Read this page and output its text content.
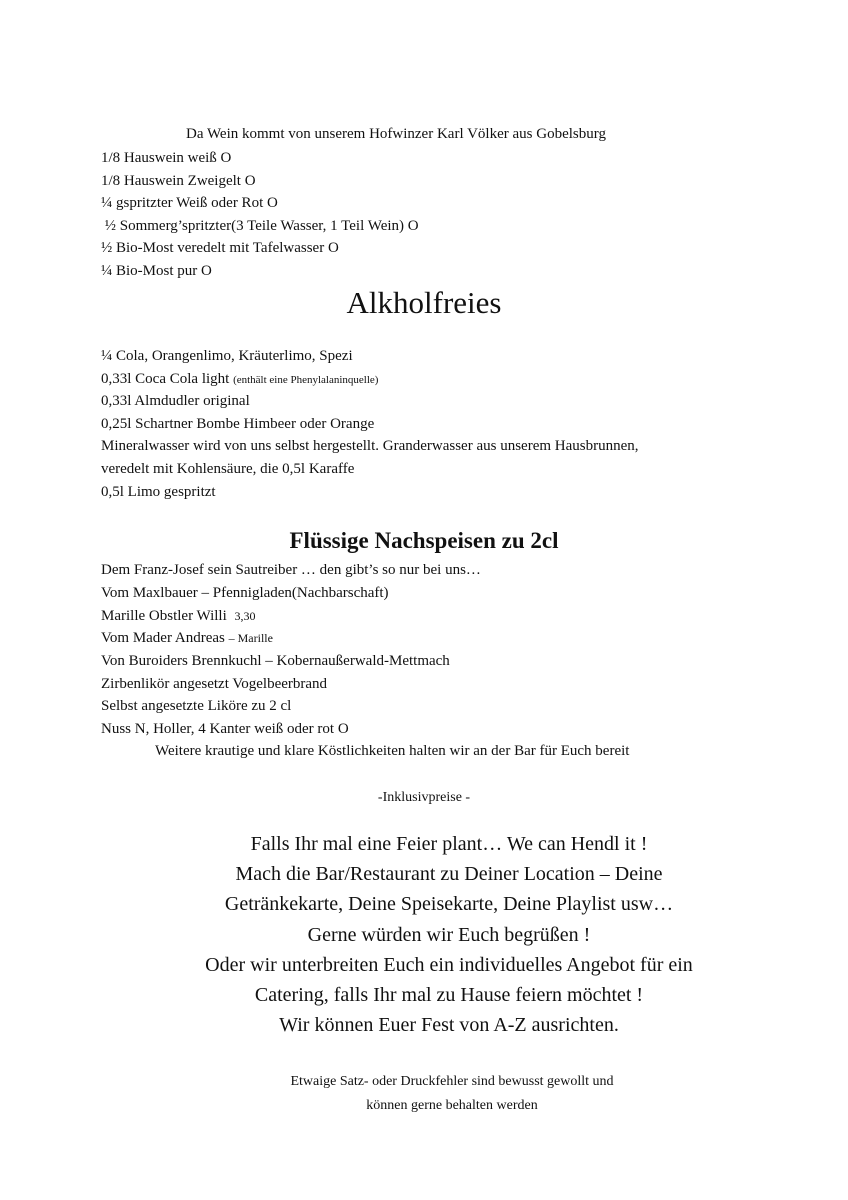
Da Wein kommt von unserem Hofwinzer Karl Völker aus Gobelsburg
1/8 Hauswein weiß O
1/8 Hauswein Zweigelt O
¼ gspritzter Weiß oder Rot O
½ Sommerg’spritzter(3 Teile Wasser, 1 Teil Wein) O
½ Bio-Most veredelt mit Tafelwasser O
¼ Bio-Most pur O
Alkholfreies
¼ Cola, Orangenlimo, Kräuterlimo, Spezi
0,33l Coca Cola light (enthält eine Phenylalaninquelle)
0,33l Almdudler original
0,25l Schartner Bombe Himbeer oder Orange
Mineralwasser wird von uns selbst hergestellt. Granderwasser aus unserem Hausbrunnen,
veredelt mit Kohlensäure, die 0,5l Karaffe
0,5l Limo gespritzt
Flüssige Nachspeisen zu 2cl
Dem Franz-Josef sein Sautreiber … den gibt’s so nur bei uns…
Vom Maxlbauer – Pfennigladen(Nachbarschaft)
Marille Obstler Willi 3,30
Vom Mader Andreas – Marille
Von Buroiders Brennkuchl – Kobernaußerwald-Mettmach
Zirbenlikör angesetzt Vogelbeerbrand
Selbst angesetzte Liköre zu 2 cl
Nuss N, Holler, 4 Kanter weiß oder rot O
Weitere krautige und klare Köstlichkeiten halten wir an der Bar für Euch bereit
-Inklusivpreise -
Falls Ihr mal eine Feier plant… We can Hendl it !
Mach die Bar/Restaurant zu Deiner Location – Deine
Getränkekarte, Deine Speisekarte, Deine Playlist usw…
Gerne würden wir Euch begrüßen !
Oder wir unterbreiten Euch ein individuelles Angebot für ein
Catering, falls Ihr mal zu Hause feiern möchtet !
Wir können Euer Fest von A-Z ausrichten.
Etwaige Satz- oder Druckfehler sind bewusst gewollt und
können gerne behalten werden
